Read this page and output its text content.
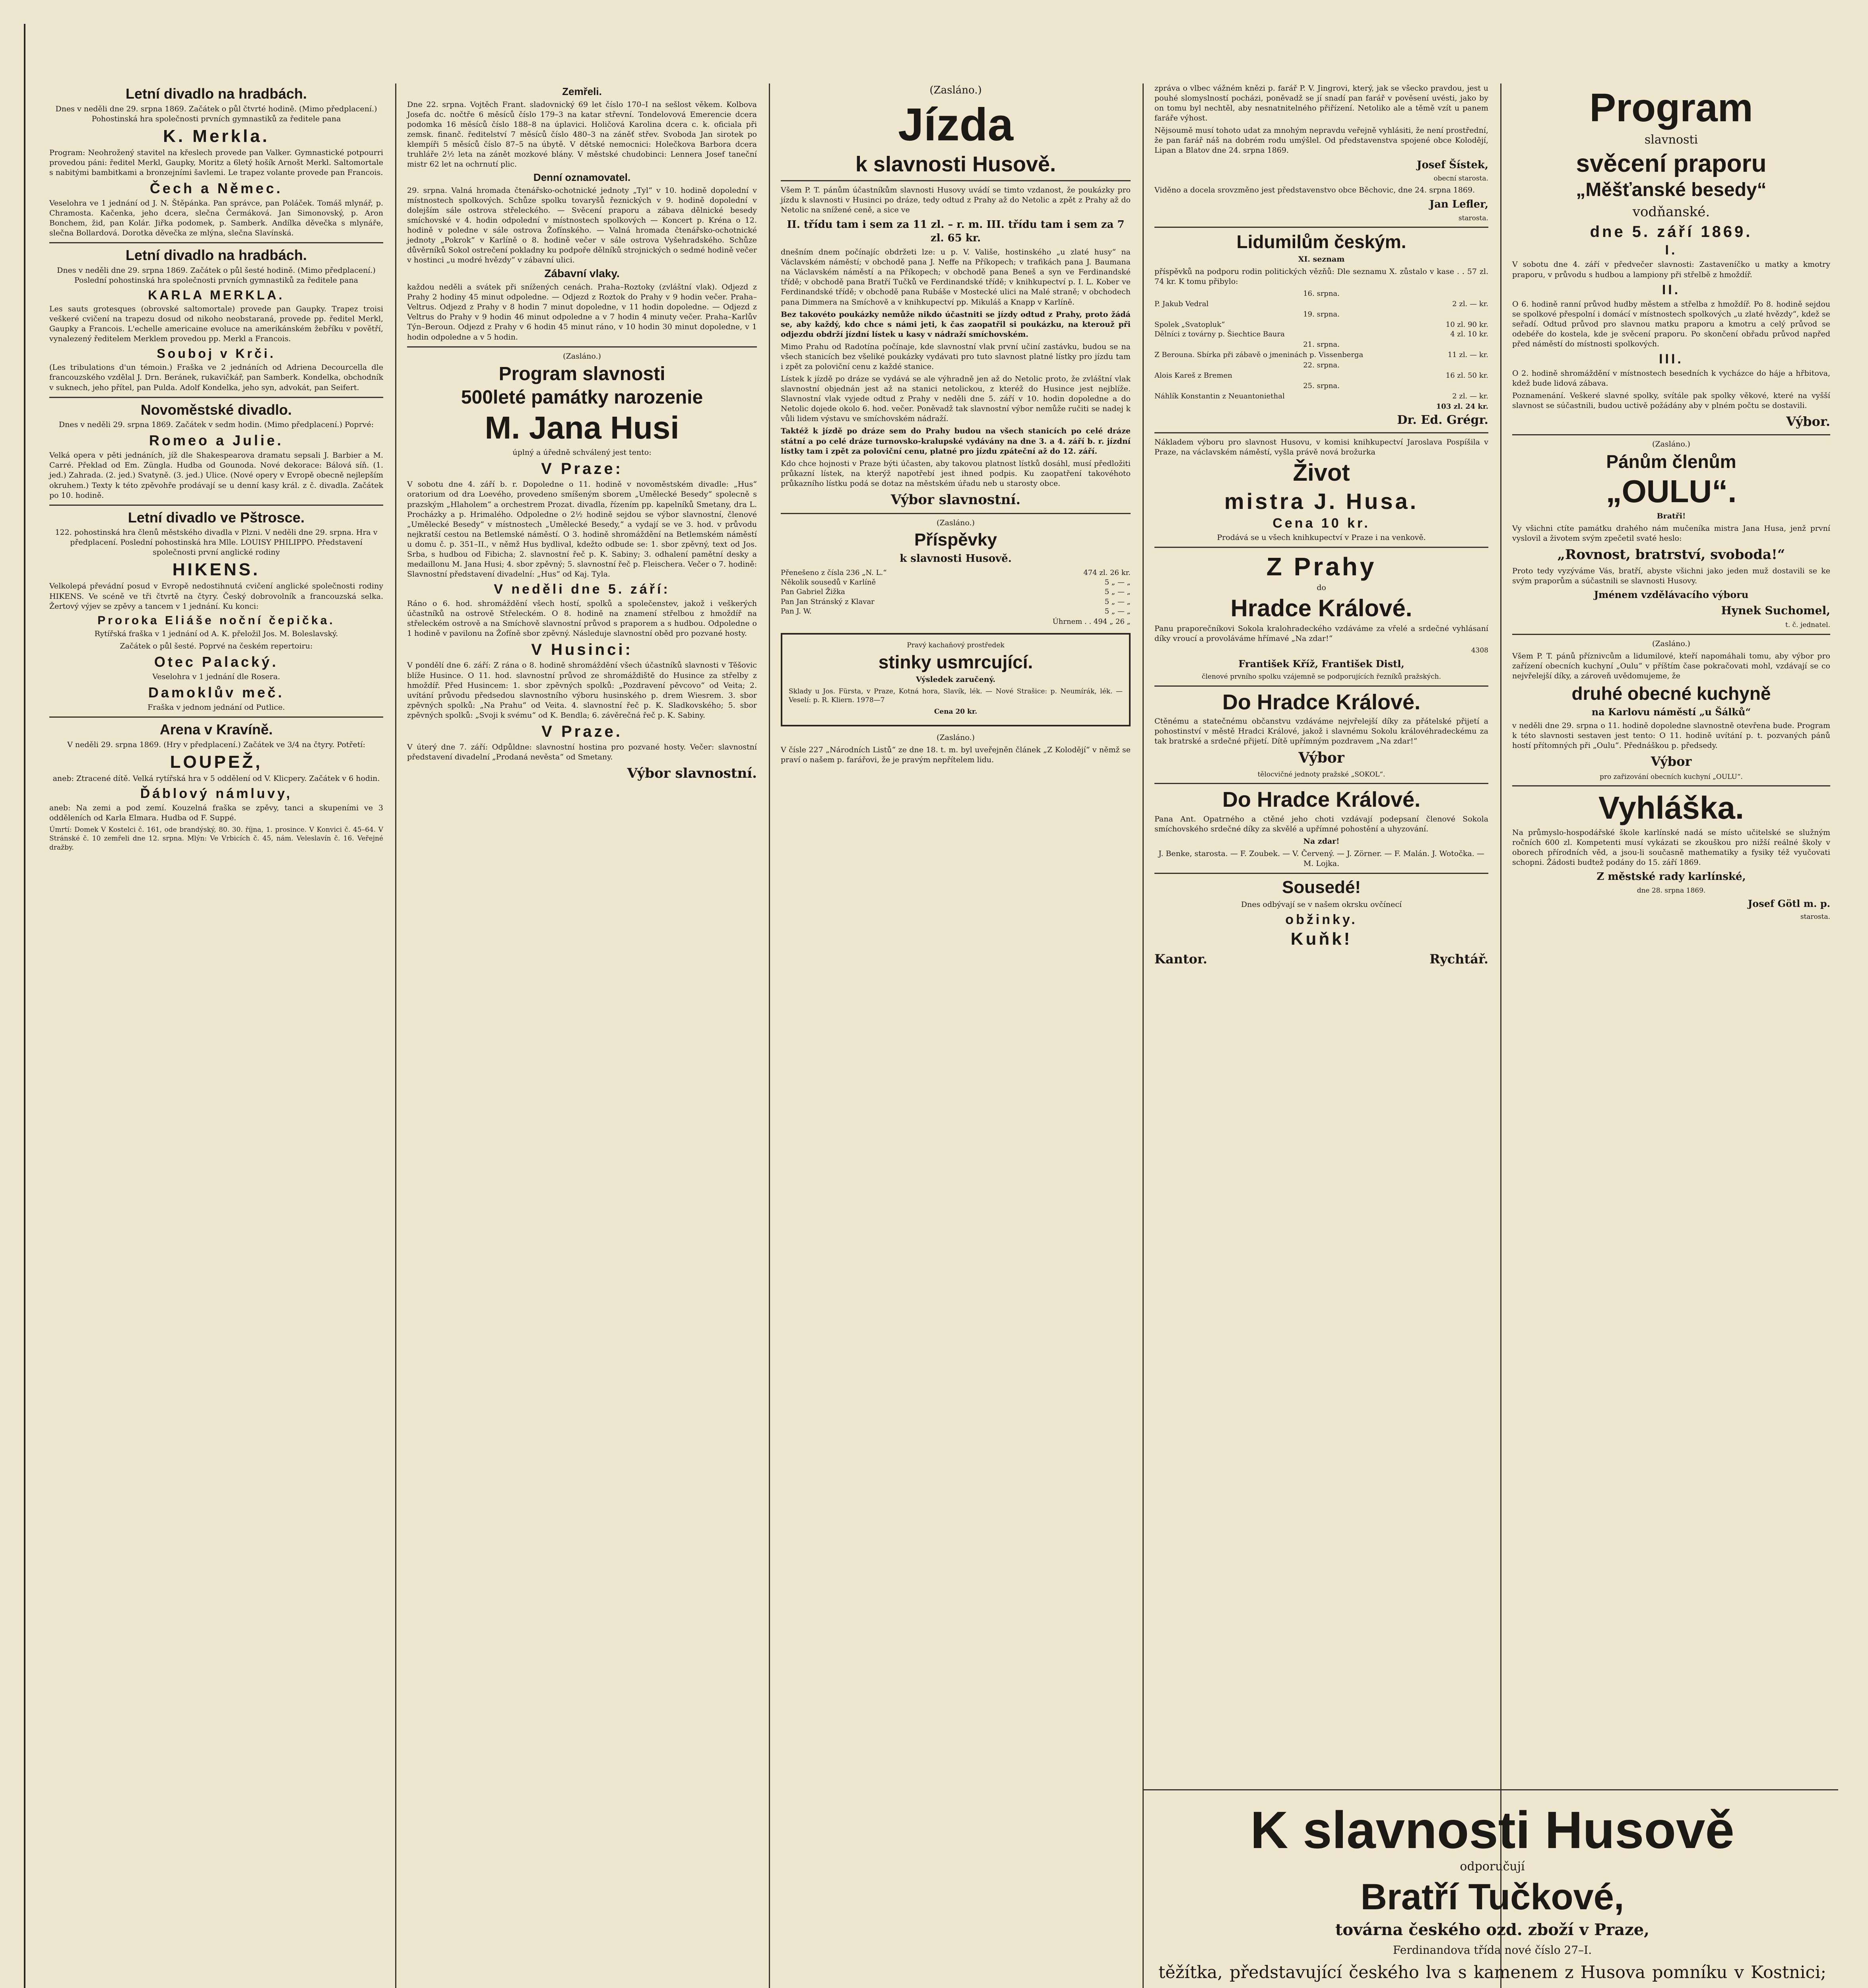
Letní divadlo na hradbách.

Dnes v neděli dne 29. srpna 1869. Začátek o půl čtvrté hodině. (Mimo předplacení.) Pohostinská hra společnosti prvních gymnastiků za ředitele pana

K. Merkla.

Program: Neohrožený stavitel na křeslech provede pan Valker. Gymnastické potpourri provedou páni: ředitel Merkl, Gaupky, Moritz a 6letý hošík Arnošt Merkl. Saltomortale s nabitými bambitkami a bronzejními šavlemi. Le trapez volante provede pan Francois.

Čech a Němec.

Veselohra ve 1 jednání od J. N. Štěpánka. Pan správce, pan Poláček. Tomáš mlynář, p. Chramosta. Kačenka, jeho dcera, slečna Čermáková. Jan Simonovský, p. Aron Bonchem, žid, pan Kolár. Jiřka podomek, p. Samberk. Andílka děvečka s mlynáře, slečna Bollardová. Dorotka děvečka ze mlýna, slečna Slavínská.

Letní divadlo na hradbách.

Dnes v neděli dne 29. srpna 1869. Začátek o půl šesté hodině. (Mimo předplacení.) Poslední pohostinská hra společnosti prvních gymnastiků za ředitele pana

KARLA MERKLA.

Les sauts grotesques (obrovské saltomortale) provede pan Gaupky. Trapez troisi veškeré cvičení na trapezu dosud od nikoho neobstaraná, provede pp. ředitel Merkl, Gaupky a Francois. L'echelle americaine evoluce na amerikánském žebříku v povětří, vynalezený ředitelem Merklem provedou pp. Merkl a Francois.

Souboj v Krči.

(Les tribulations d'un témoin.) Fraška ve 2 jednáních od Adriena Decourcella dle francouzského vzdělal J. Drn. Beránek, rukavičkář, pan Samberk. Kondelka, obchodník v suknech, jeho přítel, pan Pulda. Adolf Kondelka, jeho syn, advokát, pan Seifert.

Novoměstské divadlo.

Dnes v neděli 29. srpna 1869. Začátek v sedm hodin. (Mimo předplacení.) Poprvé:

Romeo a Julie.

Velká opera v pěti jednáních, jíž dle Shakespearova dramatu sepsali J. Barbier a M. Carré. Překlad od Em. Züngla. Hudba od Gounoda. Nové dekorace: Bálová síň. (1. jed.) Zahrada. (2. jed.) Svatyně. (3. jed.) Ulice. (Nové opery v Evropě obecně nejlepším okruhem.) Texty k této zpěvohře prodávají se u denní kasy král. z č. divadla. Začátek po 10. hodině.

Letní divadlo ve Pštrosce.

122. pohostinská hra členů městského divadla v Plzni. V neděli dne 29. srpna. Hra v předplacení. Poslední pohostinská hra Mlle. LOUISY PHILIPPO. Představení společnosti první anglické rodiny

HIKENS.

Velkolepá převádní posud v Evropě nedostihnutá cvičení anglické společnosti rodiny HIKENS. Ve scéně ve tři čtvrtě na čtyry. Český dobrovolník a francouzská selka. Žertový výjev se zpěvy a tancem v 1 jednání. Ku konci:

Proroka Eliáše noční čepička.

Rytířská fraška v 1 jednání od A. K. přeložil Jos. M. Boleslavský.

Začátek o půl šesté. Poprvé na českém repertoiru:

Otec Palacký.

Veselohra v 1 jednání dle Rosera.

Damoklův meč.

Fraška v jednom jednání od Putlice.

Arena v Kravíně.

V neděli 29. srpna 1869. (Hry v předplacení.) Začátek ve 3/4 na čtyry. Potřetí:

LOUPEŽ,

aneb: Ztracené dítě. Velká rytířská hra v 5 oddělení od V. Klicpery. Začátek v 6 hodin.

Ďáblový námluvy,

aneb: Na zemi a pod zemí. Kouzelná fraška se zpěvy, tanci a skupeními ve 3 odděleních od Karla Elmara. Hudba od F. Suppé.

Úmrtí: Domek V Kostelci č. 161, ode brandýský, 80. 30. října, 1. prosince. V Konvici č. 45–64. V Stránské č. 10 zemřeli dne 12. srpna. Mlýn: Ve Vrbicích č. 45, nám. Veleslavín č. 16. Veřejné dražby.

Zemřeli.

Dne 22. srpna. Vojtěch Frant. sladovnický 69 let číslo 170–I na sešlost věkem. Kolbova Josefa dc. nočtře 6 měsíců číslo 179–3 na katar střevní. Tondelovová Emerencie dcera podomka 16 měsíců číslo 188–8 na úplavici. Holičová Karolina dcera c. k. oficiala při zemsk. finanč. ředitelství 7 měsíců číslo 480–3 na záněť střev. Svoboda Jan sirotek po klempíři 5 měsíců číslo 87–5 na úbytě. V dětské nemocnici: Holečkova Barbora dcera truhláře 2½ leta na zánět mozkové blány. V městské chudobinci: Lennera Josef taneční mistr 62 let na ochrnutí plic.

Denní oznamovatel.

29. srpna. Valná hromada čtenářsko-ochotnické jednoty „Tyl“ v 10. hodině dopolední v místnostech spolkových. Schůze spolku tovaryšů řeznických v 9. hodině dopolední v dolejším sále ostrova střeleckého. — Svěcení praporu a zábava dělnické besedy smíchovské v 4. hodin odpolední v místnostech spolkových — Koncert p. Kréna o 12. hodině v poledne v sále ostrova Žofínského. — Valná hromada čtenářsko-ochotnické jednoty „Pokrok“ v Karlíně o 8. hodině večer v sále ostrova Vyšehradského. Schůze důvěrníků Sokol ostrečení pokladny ku podpoře dělníků strojnických o sedmé hodině večer v hostinci „u modré hvězdy“ v zábavní ulici.

Zábavní vlaky.

každou neděli a svátek při snížených cenách. Praha–Roztoky (zvláštní vlak). Odjezd z Prahy 2 hodiny 45 minut odpoledne. — Odjezd z Roztok do Prahy v 9 hodin večer. Praha–Veltrus. Odjezd z Prahy v 8 hodin 7 minut dopoledne, v 11 hodin dopoledne. — Odjezd z Veltrus do Prahy v 9 hodin 46 minut odpoledne a v 7 hodin 4 minuty večer. Praha–Karlův Týn–Beroun. Odjezd z Prahy v 6 hodin 45 minut ráno, v 10 hodin 30 minut dopoledne, v 1 hodin odpoledne a v 5 hodin.

(Zasláno.)

Program slavnosti
500leté památky narozenie
M. Jana Husi

úplný a úředně schválený jest tento:

V Praze:

V sobotu dne 4. září b. r. Dopoledne o 11. hodině v novoměstském divadle: „Hus“ oratorium od dra Loevého, provedeno smíšeným sborem „Umělecké Besedy“ spolecně s prazským „Hlaholem“ a orchestrem Prozat. divadla, řízením pp. kapelníků Smetany, dra L. Procházky a p. Hrimalého. Odpoledne o 2½ hodině sejdou se výbor slavnostní, členové „Umělecké Besedy“ v místnostech „Umělecké Besedy,“ a vydají se ve 3. hod. v průvodu nejkratší cestou na Betlemské náměstí. O 3. hodině shromáždění na Betlemském náměstí u domu č. p. 351–II., v němž Hus bydlival, kdežto odbude se: 1. sbor zpěvný, text od Jos. Srba, s hudbou od Fibicha; 2. slavnostní řeč p. K. Sabiny; 3. odhalení pamětní desky a medaillonu M. Jana Husi; 4. sbor zpěvný; 5. slavnostní řeč p. Fleischera. Večer o 7. hodině: Slavnostní představení divadelní: „Hus“ od Kaj. Tyla.

V neděli dne 5. září:

Ráno o 6. hod. shromáždění všech hostí, spolků a společenstev, jakož i veškerých účastníků na ostrově Střeleckém. O 8. hodině na znamení střelbou z hmoždíř na střeleckém ostrově a na Smíchově slavnostní průvod s praporem a s hudbou. Odpoledne o 1 hodině v pavilonu na Žofíně sbor zpěvný. Následuje slavnostní oběd pro pozvané hosty.

V Husinci:

V pondělí dne 6. září: Z rána o 8. hodině shromáždění všech účastníků slavnosti v Těšovic blíže Husince. O 11. hod. slavnostní průvod ze shromáždiště do Husince za střelby z hmoždíř. Před Husincem: 1. sbor zpěvných spolků: „Pozdravení pěvcovo“ od Veita; 2. uvítání průvodu předsedou slavnostního výboru husinského p. drem Wiesrem. 3. sbor zpěvných spolků: „Na Prahu“ od Veita. 4. slavnostní řeč p. K. Sladkovského; 5. sbor zpěvných spolků: „Svoji k svému“ od K. Bendla; 6. závěrečná řeč p. K. Sabiny.

V Praze.

V úterý dne 7. září: Odpůldne: slavnostní hostina pro pozvané hosty. Večer: slavnostní představení divadelní „Prodaná nevěsta“ od Smetany.

Výbor slavnostní.

(Zasláno.)

Jízda
k slavnosti Husově.

Všem P. T. pánům účastníkům slavnosti Husovy uvádí se timto vzdanost, že poukázky pro jízdu k slavnosti v Husinci po dráze, tedy odtud z Prahy až do Netolic a zpět z Prahy až do Netolic na snížené ceně, a sice ve

II. třídu tam i sem za 11 zl. – r. m. III. třídu tam i sem za 7 zl. 65 kr.

dnešním dnem počínajíc obdržeti lze: u p. V. Vališe, hostinského „u zlaté husy“ na Václavském náměstí; v obchodě pana J. Neffe na Příkopech; v trafikách pana J. Baumana na Václavském náměstí a na Příkopech; v obchodě pana Beneš a syn ve Ferdinandské třídě; v obchodě pana Bratří Tučků ve Ferdinandské třídě; v knihkupectví p. I. L. Kober ve Ferdinandské třídě; v obchodě pana Rubáše v Mostecké ulici na Malé straně; v obchodech pana Dimmera na Smíchově a v knihkupectví pp. Mikuláš a Knapp v Karlíně.

Bez takovéto poukázky nemůže nikdo účastniti se jízdy odtud z Prahy, proto žádá se, aby každý, kdo chce s námi jeti, k čas zaopatřil si poukázku, na kterouž při odjezdu obdrží jízdní lístek u kasy v nádraží smíchovském.

Mimo Prahu od Radotína počínaje, kde slavnostní vlak první učiní zastávku, budou se na všech stanicích bez všeliké poukázky vydávati pro tuto slavnost platné lístky pro jízdu tam i zpět za poloviční cenu z každé stanice.

Lístek k jízdě po dráze se vydává se ale výhradně jen až do Netolic proto, že zvláštní vlak slavnostní objednán jest až na stanici netolickou, z kteréž do Husince jest nejblíže. Slavnostní vlak vyjede odtud z Prahy v neděli dne 5. září v 10. hodin dopoledne a do Netolic dojede okolo 6. hod. večer. Poněvadž tak slavnostní výbor nemůže ručiti se nadej k vůli lidem výstavu ve smíchovském nádraží.

Taktéž k jízdě po dráze sem do Prahy budou na všech stanicích po celé dráze státní a po celé dráze turnovsko-kralupské vydávány na dne 3. a 4. září b. r. jízdní lístky tam i zpět za poloviční cenu, platné pro jízdu zpáteční až do 12. září.

Kdo chce hojnosti v Praze býti účasten, aby takovou platnost lístků dosáhl, musí předložiti průkazní lístek, na kterýž napotřebí jest ihned podpis. Ku zaopatření takovéhoto průkazního lístku podá se dotaz na městském úřadu neb u starosty obce.

Výbor slavnostní.

(Zasláno.)

Příspěvky

k slavnosti Husově.

Přenešeno z čísla 236 „N. L.“	474 zl. 26 kr.
Několik sousedů v Karlíně	5 „ — „
Pan Gabriel Žižka	5 „ — „
Pan Jan Stránský z Klavar	5 „ — „
Pan J. W.	5 „ — „

Úhrnem . . 494 „ 26 „

Pravý kachaňový prostředek

stinky usmrcující.

Výsledek zaručený.

Sklady u Jos. Fürsta, v Praze, Kotná hora, Slavík, lék. — Nové Strašice: p. Neumírák, lék. — Veselí: p. R. Kliern. 1978—7

Cena 20 kr.

(Zasláno.)

V čísle 227 „Národních Listů“ ze dne 18. t. m. byl uveřejněn článek „Z Kolodějí“ v němž se praví o našem p. farářovi, že je pravým nepřítelem lidu.

zpráva o vlbec vážném knězi p. farář P. V. Jingrovi, který, jak se všecko pravdou, jest u pouhé slomyslností pocházi, poněvadž se jí snadí pan farář v pověsení uvésti, jako by on tomu byl nechtěl, aby nesnatnitelného přiřízení. Netoliko ale a těmě vzít u panem faráře výhost.

Nějsoumě musí tohoto udat za mnohým nepravdu veřejně vyhlásiti, že není prostřední, že pan farář náš na dobrém rodu umýšlel. Od představenstva spojené obce Kolodějí, Lipan a Blatov dne 24. srpna 1869.

Josef Šístek,

obecní starosta.

Viděno a docela srovzměno jest představenstvo obce Běchovic, dne 24. srpna 1869.

Jan Lefler,

starosta.

Lidumilům českým.

XI. seznam

příspěvků na podporu rodin politických vězňů: Dle seznamu X. zůstalo v kase . . 57 zl. 74 kr. K tomu přibylo:

16. srpna.

P. Jakub Vedral	2 zl. — kr.

19. srpna.

Spolek „Svatopluk“	10 zl. 90 kr.
Dělníci z továrny p. Šiechtice Baura	4 zl. 10 kr.

21. srpna.

Z Berouna. Sbírka při zábavě o jmeninách p. Vissenberga	11 zl. — kr.

22. srpna.

Alois Kareš z Bremen	16 zl. 50 kr.

25. srpna.

Náhlík Konstantin z Neuantoniethal	2 zl. — kr.

103 zl. 24 kr.

Dr. Ed. Grégr.

Nákladem výboru pro slavnost Husovu, v komisi knihkupectví Jaroslava Pospíšila v Praze, na václavském náměstí, vyšla právě nová brožurka

Život
mistra J. Husa.
Cena 10 kr.

Prodává se u všech knihkupectví v Praze i na venkově.

Z Prahy

do

Hradce Králové.

Panu praporečníkovi Sokola kralohradeckého vzdáváme za vřelé a srdečné vyhlásaní díky vroucí a provoláváme hřímavé „Na zdar!“

4308

František Kříž, František Distl,

členové prvního spolku vzájemně se podporujících řezníků pražských.

Do Hradce Králové.

Ctěnému a statečnému občanstvu vzdáváme nejvřelejší díky za přátelské přijetí a pohostinství v městě Hradci Králové, jakož i slavnému Sokolu královéhradeckému za tak bratrské a srdečné přijetí. Dítě upřímným pozdravem „Na zdar!“

Výbor

tělocvičné jednoty pražské „SOKOL“.

Do Hradce Králové.

Pana Ant. Opatrného a ctěné jeho choti vzdávají podepsaní členové Sokola smíchovského srdečné díky za skvělé a upřímné pohostění a uhyzování.

Na zdar!

J. Benke, starosta. — F. Zoubek. — V. Červený. — J. Zörner. — F. Malán. J. Wotočka. — M. Lojka.

Sousedé!

Dnes odbývají se v našem okrsku ovčínecí

obžinky.
Kuňk!
Kantor.	Rychtář.
Program

slavnosti

svěcení praporu
„Měšťanské besedy“

vodňanské.

dne 5. září 1869.
I.

V sobotu dne 4. září v předvečer slavnosti: Zastaveníčko u matky a kmotry praporu, v průvodu s hudbou a lampiony při střelbě z hmoždíř.

II.

O 6. hodině ranní průvod hudby městem a střelba z hmoždíř. Po 8. hodině sejdou se spolkové přespolní i domácí v místnostech spolkových „u zlaté hvězdy“, kdež se seřadí. Odtud průvod pro slavnou matku praporu a kmotru a celý průvod se odebéře do kostela, kde je svěcení praporu. Po skončení obřadu průvod napřed před náměstí do místnosti spolkových.

III.

O 2. hodině shromáždění v místnostech besedních k vycházce do háje a hřbitova, kdež bude lidová zábava.

Poznamenání. Veškeré slavné spolky, svítále pak spolky věkové, které na vyšší slavnost se súčastnili, budou uctivě požádány aby v plném počtu se dostavili.

Výbor.

(Zasláno.)

Pánům členům
„OULU“.

Bratři!

Vy všichni ctíte památku drahého nám mučeníka mistra Jana Husa, jenž první vyslovil a životem svým zpečetil svaté heslo:

„Rovnost, bratrství, svoboda!“

Proto tedy vyzýváme Vás, bratří, abyste všichni jako jeden muž dostavili se ke svým praporům a súčastnili se slavnosti Husovy.

Jménem vzdělávacího výboru

Hynek Suchomel,

t. č. jednatel.

(Zasláno.)

Všem P. T. pánů příznivcům a lidumilové, kteří napomáhali tomu, aby výbor pro zařízení obecních kuchyní „Oulu“ v příštím čase pokračovati mohl, vzdávají se co nejvřelejší díky, a zároveň uvědomujeme, že

druhé obecné kuchyně

na Karlovu náměstí „u Šálků“

v neděli dne 29. srpna o 11. hodině dopoledne slavnostně otevřena bude. Program k této slavnosti sestaven jest tento: O 11. hodině uvítání p. t. pozvaných pánů hostí přítomných při „Oulu“. Přednáškou p. předsedy.

Výbor

pro zařizování obecních kuchyní „OULU“.

Vyhláška.

Na průmyslo-hospodářské škole karlínské nadá se místo učitelské se služným ročních 600 zl. Kompetenti musí vykázati se zkouškou pro nižší reálné školy v oborech přírodních věd, a jsou-li současně mathematiky a fysiky též vyučovati schopni. Žádosti budtež podány do 15. září 1869.

Z městské rady karlínské,

dne 28. srpna 1869.

Josef Götl m. p.

starosta.

K slavnosti Husově

odporučují

Bratří Tučkové,

továrna českého ozd. zboží v Praze,

Ferdinandova třída nové číslo 27–I.

těžítka, představující českého lva s kamenem z Husova pomníku v Kostnici;
